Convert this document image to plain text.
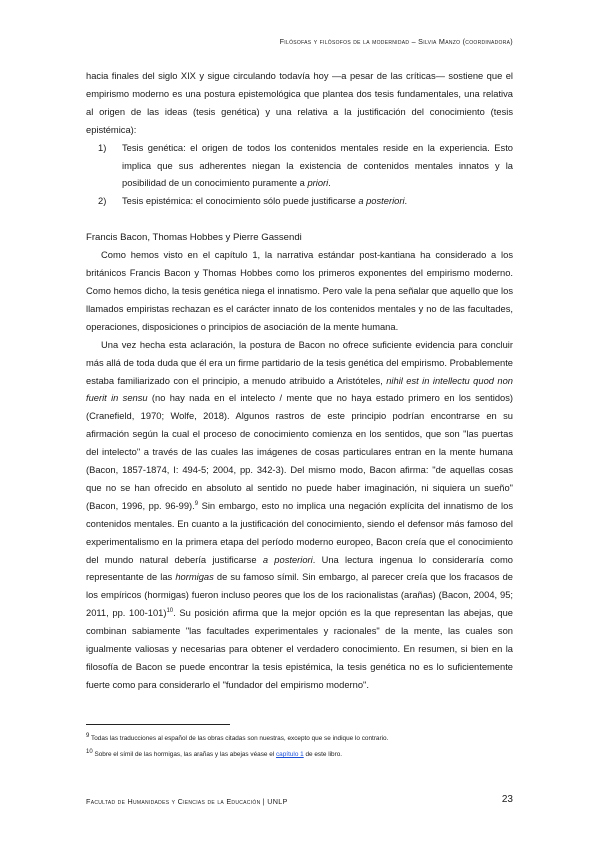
Filósofas y filósofos de la modernidad – Silvia Manzo (coordinadora)

hacia finales del siglo XIX y sigue circulando todavía hoy —a pesar de las críticas— sostiene que el empirismo moderno es una postura epistemológica que plantea dos tesis fundamentales, una relativa al origen de las ideas (tesis genética) y una relativa a la justificación del conocimiento (tesis epistémica):

1) Tesis genética: el origen de todos los contenidos mentales reside en la experiencia. Esto implica que sus adherentes niegan la existencia de contenidos mentales innatos y la posibilidad de un conocimiento puramente a priori.
2) Tesis epistémica: el conocimiento sólo puede justificarse a posteriori.
Francis Bacon, Thomas Hobbes y Pierre Gassendi

Como hemos visto en el capítulo 1, la narrativa estándar post-kantiana ha considerado a los británicos Francis Bacon y Thomas Hobbes como los primeros exponentes del empirismo moderno. Como hemos dicho, la tesis genética niega el innatismo. Pero vale la pena señalar que aquello que los llamados empiristas rechazan es el carácter innato de los contenidos mentales y no de las facultades, operaciones, disposiciones o principios de asociación de la mente humana.

Una vez hecha esta aclaración, la postura de Bacon no ofrece suficiente evidencia para concluir más allá de toda duda que él era un firme partidario de la tesis genética del empirismo. Probablemente estaba familiarizado con el principio, a menudo atribuido a Aristóteles, nihil est in intellectu quod non fuerit in sensu (no hay nada en el intelecto / mente que no haya estado primero en los sentidos) (Cranefield, 1970; Wolfe, 2018). Algunos rastros de este principio podrían encontrarse en su afirmación según la cual el proceso de conocimiento comienza en los sentidos, que son "las puertas del intelecto" a través de las cuales las imágenes de cosas particulares entran en la mente humana (Bacon, 1857-1874, I: 494-5; 2004, pp. 342-3). Del mismo modo, Bacon afirma: "de aquellas cosas que no se han ofrecido en absoluto al sentido no puede haber imaginación, ni siquiera un sueño" (Bacon, 1996, pp. 96-99).$^9$ Sin embargo, esto no implica una negación explícita del innatismo de los contenidos mentales. En cuanto a la justificación del conocimiento, siendo el defensor más famoso del experimentalismo en la primera etapa del período moderno europeo, Bacon creía que el conocimiento del mundo natural debería justificarse a posteriori. Una lectura ingenua lo consideraría como representante de las hormigas de su famoso símil. Sin embargo, al parecer creía que los fracasos de los empíricos (hormigas) fueron incluso peores que los de los racionalistas (arañas) (Bacon, 2004, 95; 2011, pp. 100-101)$^{10}$. Su posición afirma que la mejor opción es la que representan las abejas, que combinan sabiamente "las facultades experimentales y racionales" de la mente, las cuales son igualmente valiosas y necesarias para obtener el verdadero conocimiento. En resumen, si bien en la filosofía de Bacon se puede encontrar la tesis epistémica, la tesis genética no es lo suficientemente fuerte como para considerarlo el "fundador del empirismo moderno".

$^9$ Todas las traducciones al español de las obras citadas son nuestras, excepto que se indique lo contrario.
$^{10}$ Sobre el símil de las hormigas, las arañas y las abejas véase el capítulo 1 de este libro.
Facultad de Humanidades y Ciencias de la Educación | UNLP	23
